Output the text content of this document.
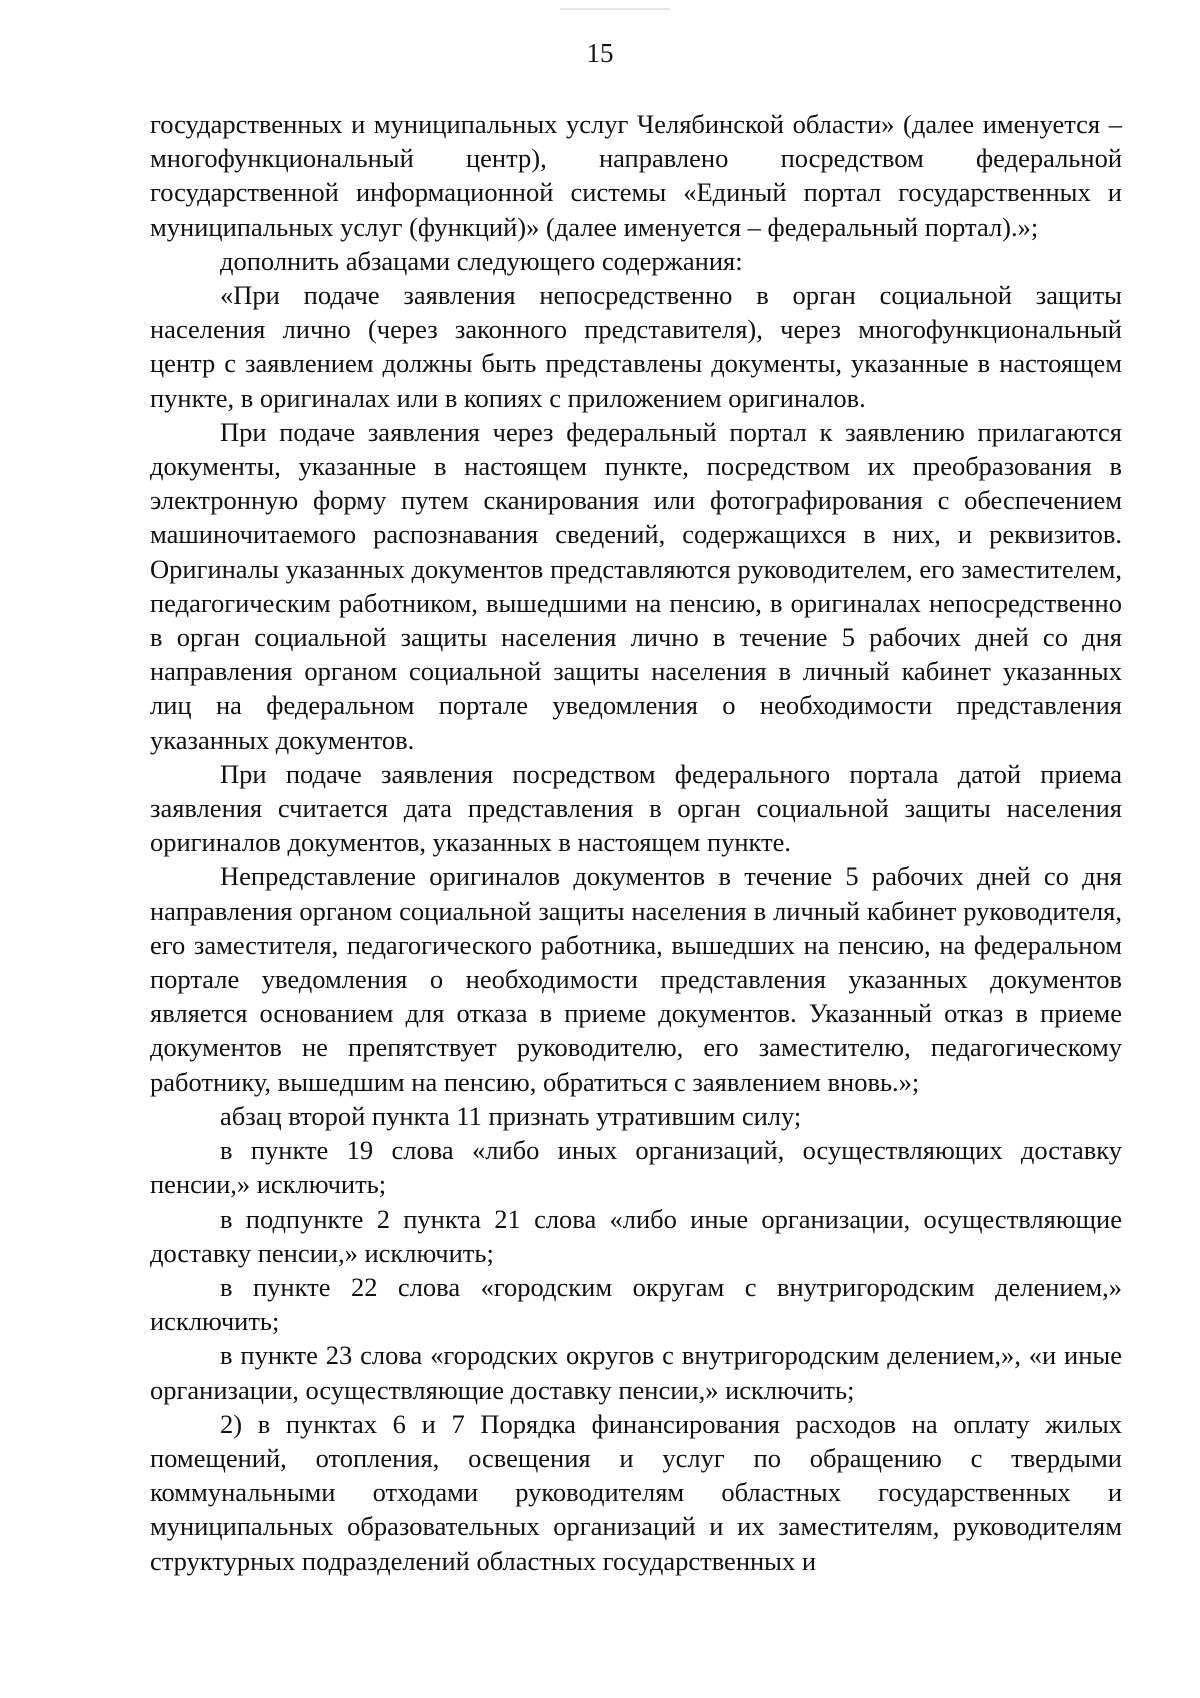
15

государственных и муниципальных услуг Челябинской области» (далее именуется – многофункциональный центр), направлено посредством федеральной государственной информационной системы «Единый портал государственных и муниципальных услуг (функций)» (далее именуется – федеральный портал).»;

дополнить абзацами следующего содержания:

«При подаче заявления непосредственно в орган социальной защиты населения лично (через законного представителя), через многофункциональный центр с заявлением должны быть представлены документы, указанные в настоящем пункте, в оригиналах или в копиях с приложением оригиналов.

При подаче заявления через федеральный портал к заявлению прилагаются документы, указанные в настоящем пункте, посредством их преобразования в электронную форму путем сканирования или фотографирования с обеспечением машиночитаемого распознавания сведений, содержащихся в них, и реквизитов. Оригиналы указанных документов представляются руководителем, его заместителем, педагогическим работником, вышедшими на пенсию, в оригиналах непосредственно в орган социальной защиты населения лично в течение 5 рабочих дней со дня направления органом социальной защиты населения в личный кабинет указанных лиц на федеральном портале уведомления о необходимости представления указанных документов.

При подаче заявления посредством федерального портала датой приема заявления считается дата представления в орган социальной защиты населения оригиналов документов, указанных в настоящем пункте.

Непредставление оригиналов документов в течение 5 рабочих дней со дня направления органом социальной защиты населения в личный кабинет руководителя, его заместителя, педагогического работника, вышедших на пенсию, на федеральном портале уведомления о необходимости представления указанных документов является основанием для отказа в приеме документов. Указанный отказ в приеме документов не препятствует руководителю, его заместителю, педагогическому работнику, вышедшим на пенсию, обратиться с заявлением вновь.»;

абзац второй пункта 11 признать утратившим силу;

в пункте 19 слова «либо иных организаций, осуществляющих доставку пенсии,» исключить;

в подпункте 2 пункта 21 слова «либо иные организации, осуществляющие доставку пенсии,» исключить;

в пункте 22 слова «городским округам с внутригородским делением,» исключить;

в пункте 23 слова «городских округов с внутригородским делением,», «и иные организации, осуществляющие доставку пенсии,» исключить;

2) в пунктах 6 и 7 Порядка финансирования расходов на оплату жилых помещений, отопления, освещения и услуг по обращению с твердыми коммунальными отходами руководителям областных государственных и муниципальных образовательных организаций и их заместителям, руководителям структурных подразделений областных государственных и
